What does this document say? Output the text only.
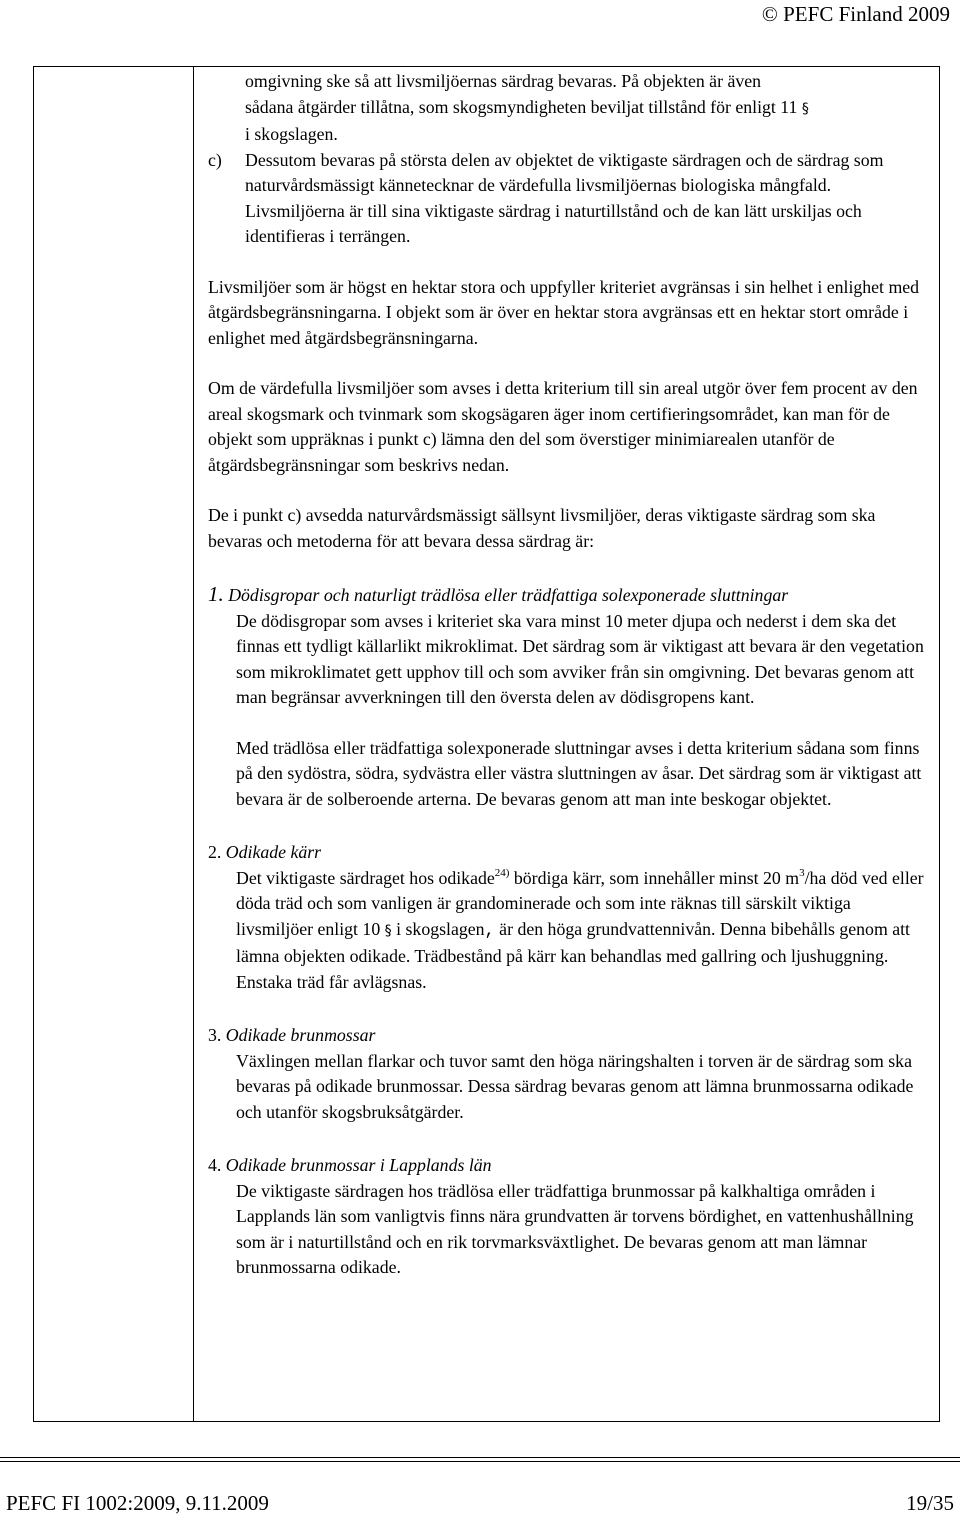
© PEFC Finland 2009
omgivning ske så att livsmiljöernas särdrag bevaras. På objekten är även
sådana åtgärder tillåtna, som skogsmyndigheten beviljat tillstånd för enligt 11 §
i skogslagen.
c) Dessutom bevaras på största delen av objektet de viktigaste särdragen och de särdrag som naturvårdsmässigt kännetecknar de värdefulla livsmiljöernas biologiska mångfald. Livsmiljöerna är till sina viktigaste särdrag i naturtillstånd och de kan lätt urskiljas och identifieras i terrängen.

Livsmiljöer som är högst en hektar stora och uppfyller kriteriet avgränsas i sin helhet i enlighet med åtgärdsbegränsningarna. I objekt som är över en hektar stora avgränsas ett en hektar stort område i enlighet med åtgärdsbegränsningarna.

Om de värdefulla livsmiljöer som avses i detta kriterium till sin areal utgör över fem procent av den areal skogsmark och tvinmark som skogsägaren äger inom certifieringsområdet, kan man för de objekt som uppräknas i punkt c) lämna den del som överstiger minimiarealen utanför de åtgärdsbegränsningar som beskrivs nedan.

De i punkt c) avsedda naturvårdsmässigt sällsynt livsmiljöer, deras viktigaste särdrag som ska bevaras och metoderna för att bevara dessa särdrag är:

1. Dödisgropar och naturligt trädlösa eller trädfattiga solexponerade sluttningar

De dödisgropar som avses i kriteriet ska vara minst 10 meter djupa och nederst i dem ska det finnas ett tydligt källarlikt mikroklimat. Det särdrag som är viktigast att bevara är den vegetation som mikroklimatet gett upphov till och som avviker från sin omgivning. Det bevaras genom att man begränsar avverkningen till den översta delen av dödisgropens kant.

Med trädlösa eller trädfattiga solexponerade sluttningar avses i detta kriterium sådana som finns på den sydöstra, södra, sydvästra eller västra sluttningen av åsar. Det särdrag som är viktigast att bevara är de solberoende arterna. De bevaras genom att man inte beskogar objektet.

2. Odikade kärr

Det viktigaste särdraget hos odikade$^{24)}$ bördiga kärr, som innehåller minst 20 $m^3/ha$ död ved eller döda träd och som vanligen är grandominerade och som inte räknas till särskilt viktiga livsmiljöer enligt 10 § i skogslagen, är den höga grundvattennivån. Denna bibehålls genom att lämna objekten odikade. Trädbestånd på kärr kan behandlas med gallring och ljushuggning. Enstaka träd får avlägsnas.

3. Odikade brunmossar

Växlingen mellan flarkar och tuvor samt den höga näringshalten i torven är de särdrag som ska bevaras på odikade brunmossar. Dessa särdrag bevaras genom att lämna brunmossarna odikade och utanför skogsbruksåtgärder.

4. Odikade brunmossar i Lapplands län

De viktigaste särdragen hos trädlösa eller trädfattiga brunmossar på kalkhaltiga områden i Lapplands län som vanligtvis finns nära grundvatten är torvens bördighet, en vattenhushållning som är i naturtillstånd och en rik torvmarksväxtlighet. De bevaras genom att man lämnar brunmossarna odikade.

PEFC FI 1002:2009, 9.11.2009	19/35
